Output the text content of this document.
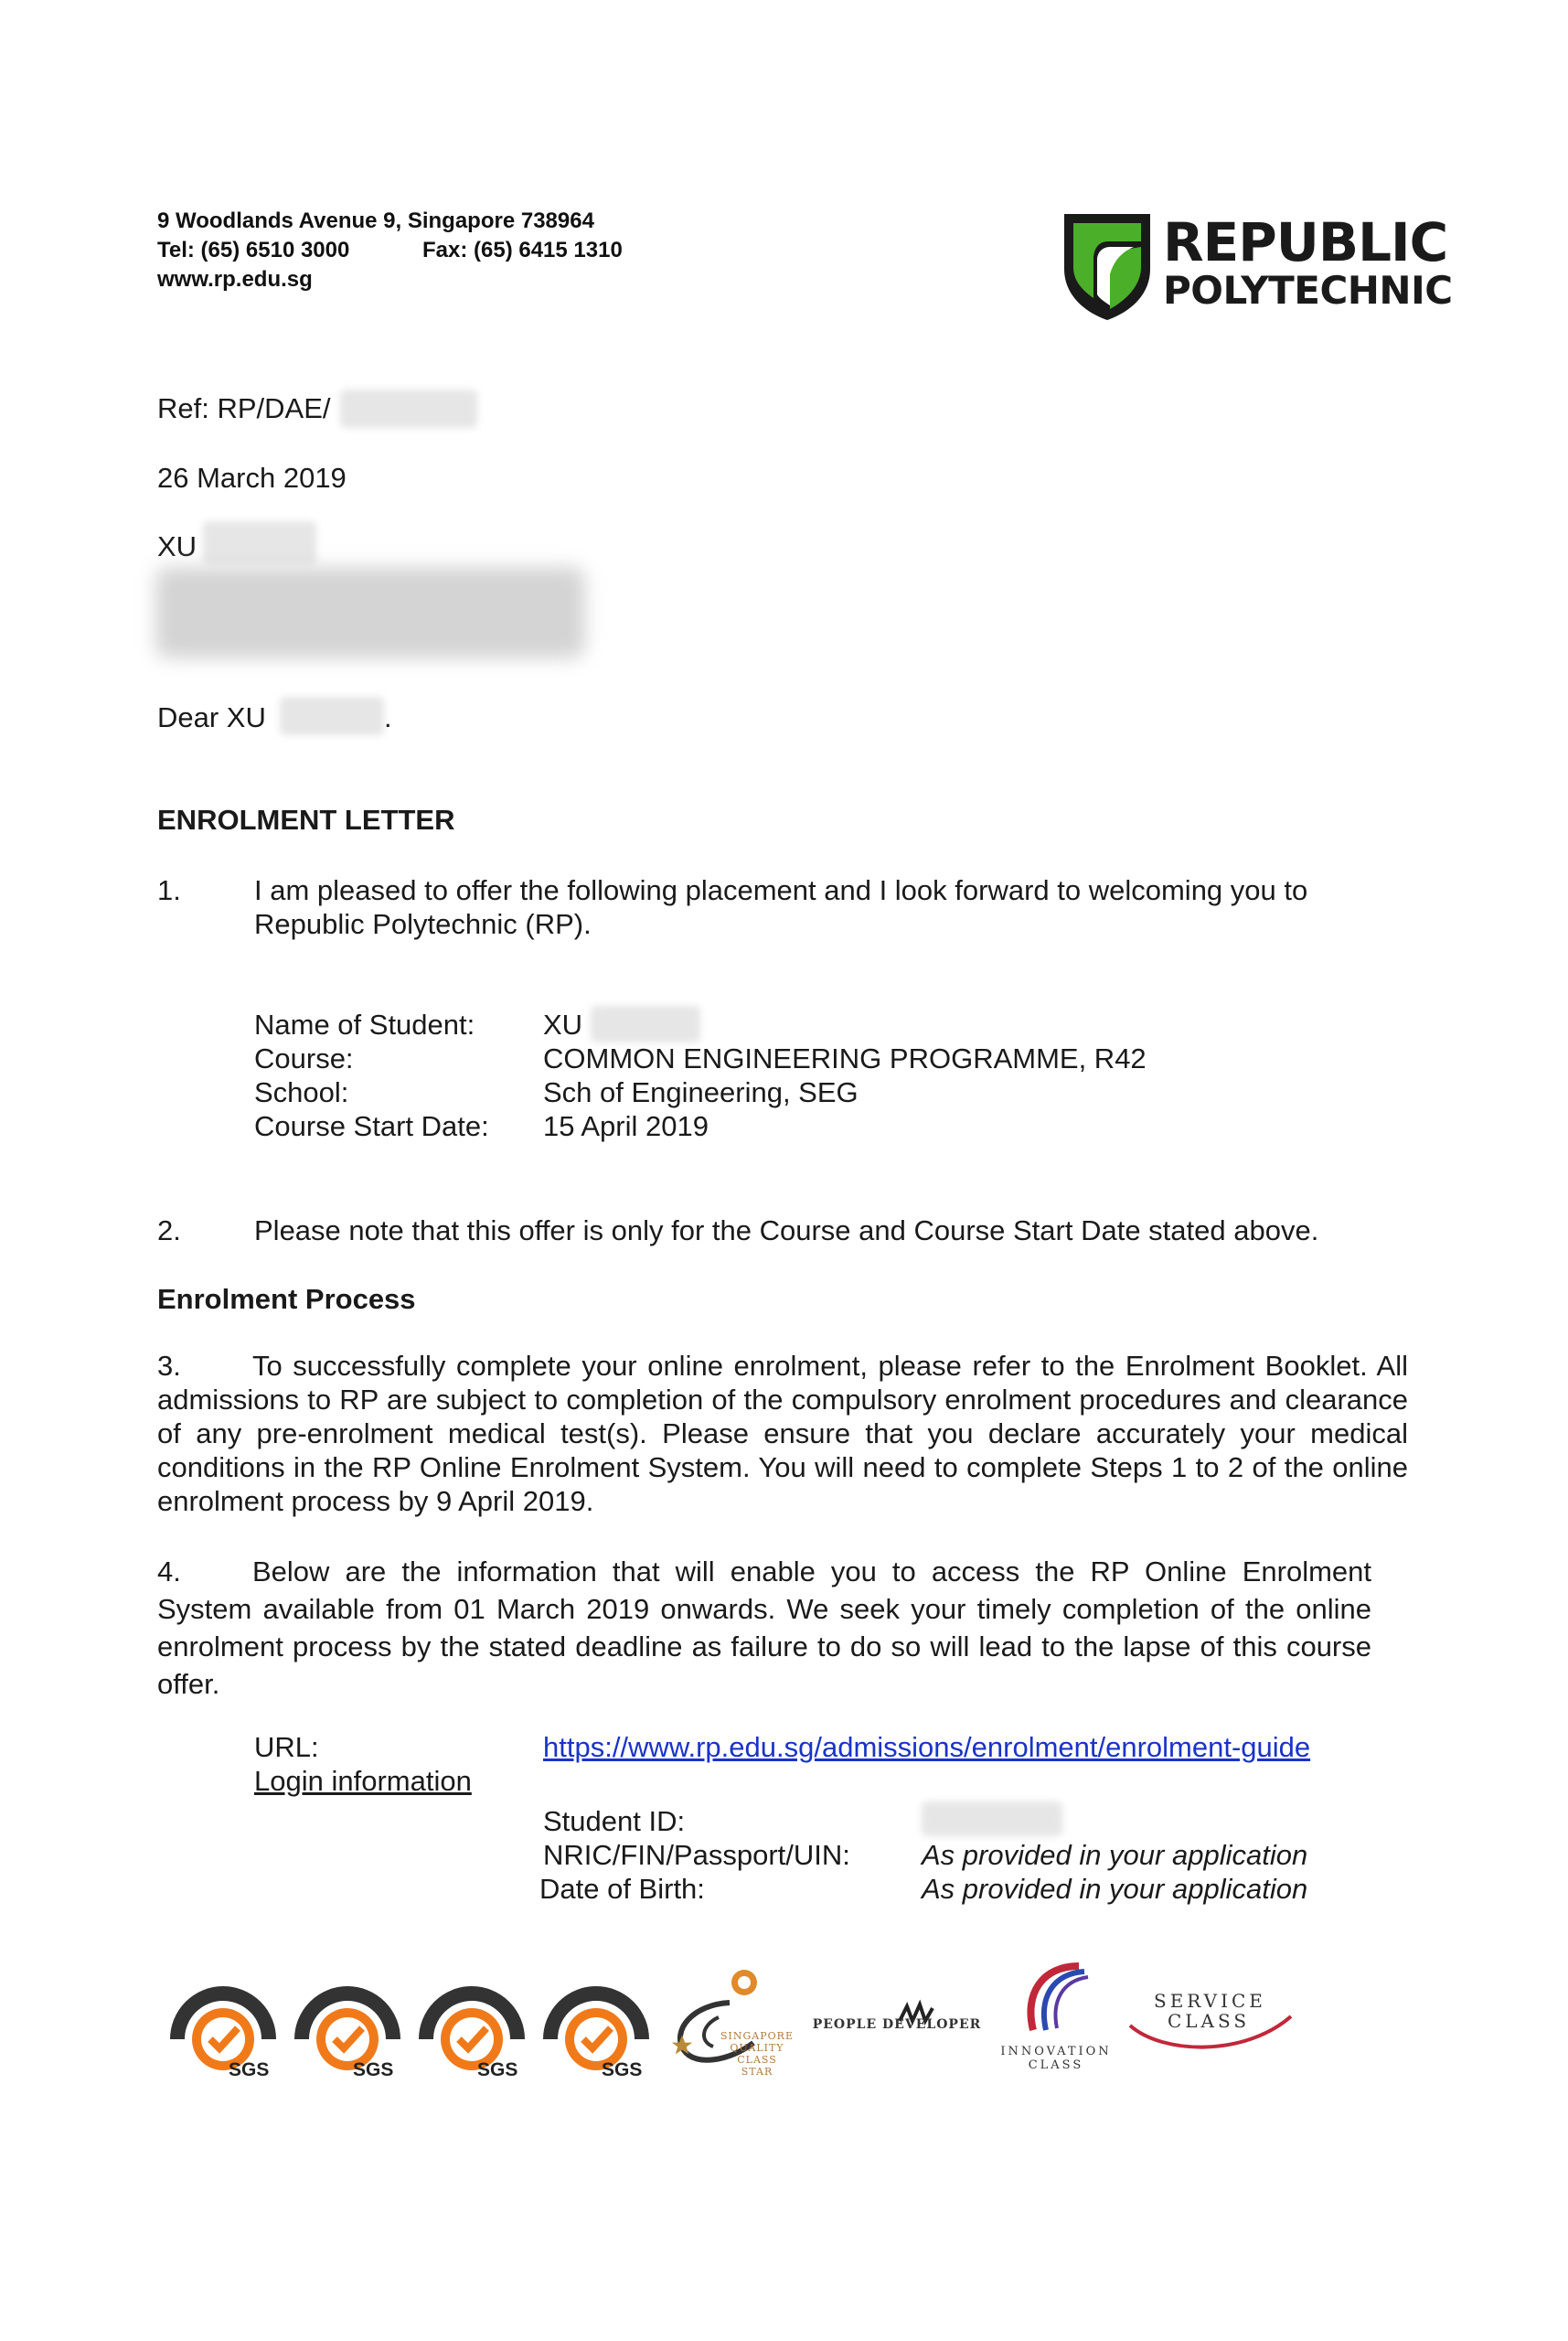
9 Woodlands Avenue 9, Singapore 738964
Tel: (65) 6510 3000	Fax: (65) 6415 1310
www.rp.edu.sg
REPUBLIC
POLYTECHNIC
Ref: RP/DAE/
26 March 2019
XU
Dear XU	.
ENROLMENT LETTER
1.	I am pleased to offer the following placement and I look forward to welcoming you to
Republic Polytechnic (RP).
Name of Student: XU
Course:	COMMON ENGINEERING PROGRAMME, R42
School:	Sch of Engineering, SEG
Course Start Date: 15 April 2019
2.	Please note that this offer is only for the Course and Course Start Date stated above.
Enrolment Process
3.	To successfully complete your online enrolment, please refer to the Enrolment Booklet. All admissions to RP are subject to completion of the compulsory enrolment procedures and clearance of any pre-enrolment medical test(s). Please ensure that you declare accurately your medical conditions in the RP Online Enrolment System. You will need to complete Steps 1 to 2 of the online enrolment process by 9 April 2019.
4.	Below are the information that will enable you to access the RP Online Enrolment System available from 01 March 2019 onwards. We seek your timely completion of the online enrolment process by the stated deadline as failure to do so will lead to the lapse of this course offer.
URL:	https://www.rp.edu.sg/admissions/enrolment/enrolment-guide
Login information
Student ID:
NRIC/FIN/Passport/UIN:	As provided in your application
Date of Birth:	As provided in your application
SGS	SGS	SGS	SGS
SINGAPORE QUALITY CLASS STAR
PEOPLE DEVELOPER
INNOVATION CLASS
SERVICE CLASS
